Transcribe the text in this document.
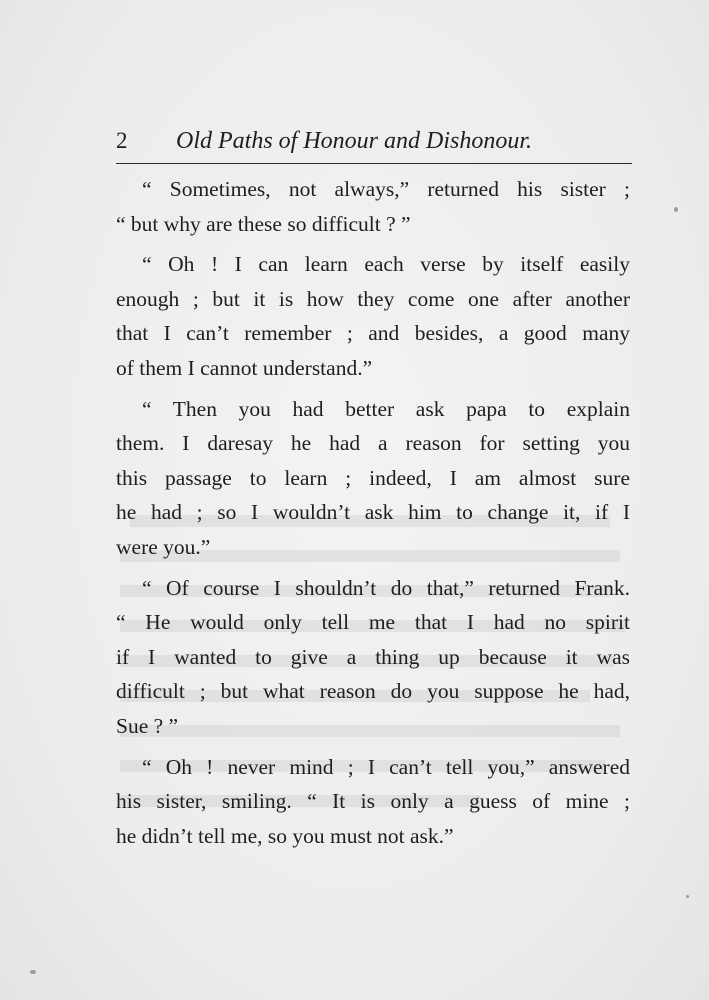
2 Old Paths of Honour and Dishonour.
“ Sometimes, not always,” returned his sister ;
“ but why are these so difficult ? ”
“ Oh ! I can learn each verse by itself easily
enough ; but it is how they come one after another
that I can’t remember ; and besides, a good many
of them I cannot understand.”
“ Then you had better ask papa to explain
them. I daresay he had a reason for setting you
this passage to learn ; indeed, I am almost sure
he had ; so I wouldn’t ask him to change it, if I
were you.”
“ Of course I shouldn’t do that,” returned Frank.
“ He would only tell me that I had no spirit
if I wanted to give a thing up because it was
difficult ; but what reason do you suppose he had,
Sue ? ”
“ Oh ! never mind ; I can’t tell you,” answered
his sister, smiling. “ It is only a guess of mine ;
he didn’t tell me, so you must not ask.”
